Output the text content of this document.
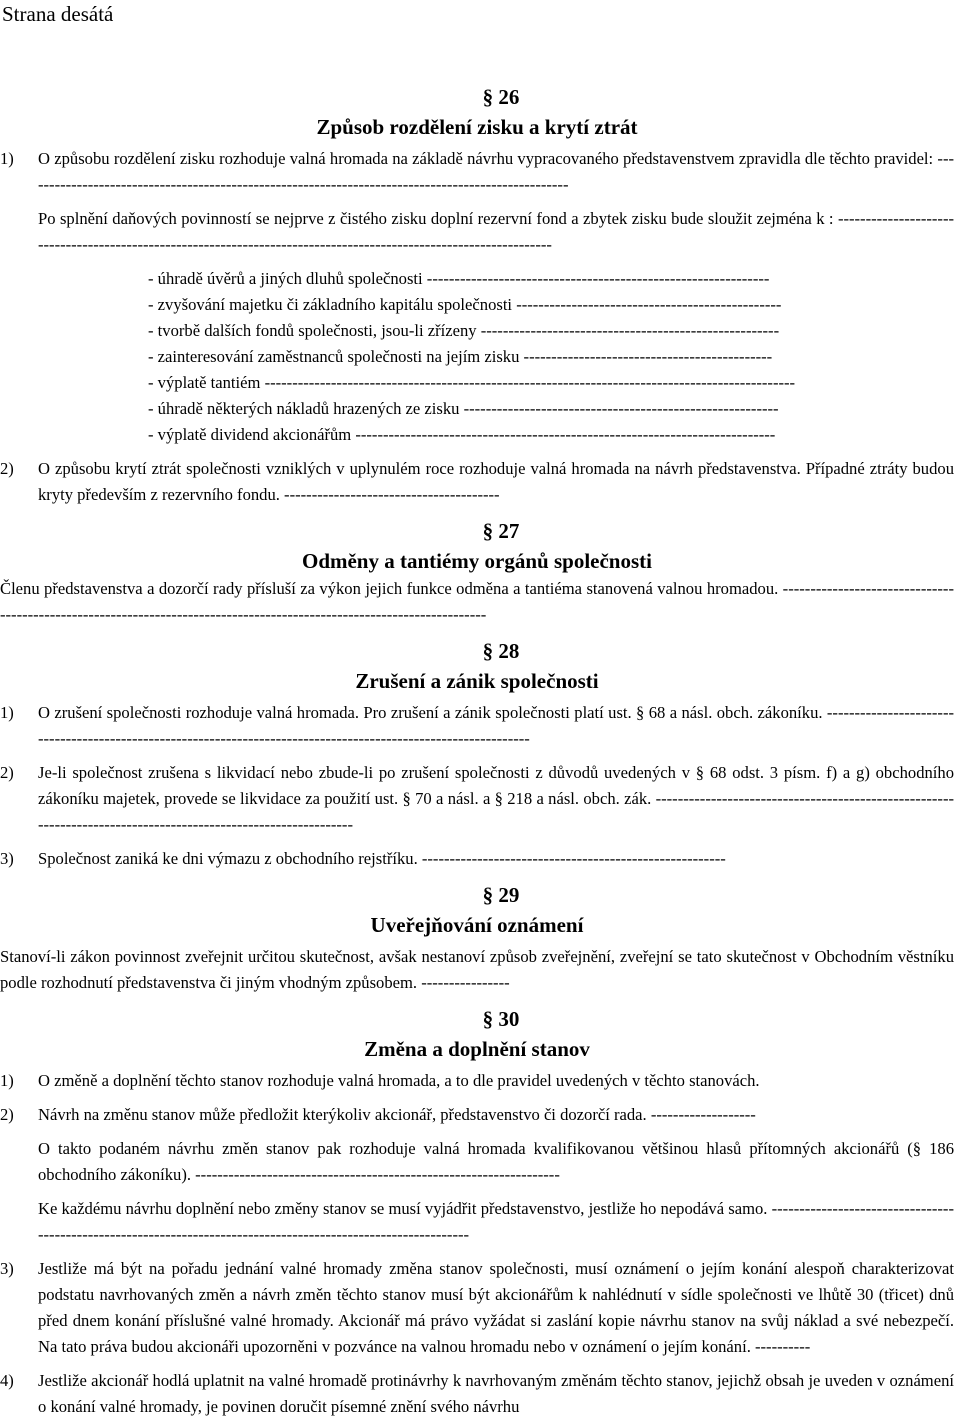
Strana desátá
§ 26
Způsob rozdělení zisku a krytí ztrát
1)	O způsobu rozdělení zisku rozhoduje valná hromada na základě návrhu vypracovaného představenstvem zpravidla dle těchto pravidel: ---------------------------------------------------------------------------------------------------
Po splnění daňových povinností se nejprve z čistého zisku doplní rezervní fond a zbytek zisku bude sloužit zejména k : ------------------------------------------------------------------------------------------------------------------
- úhradě úvěrů a jiných dluhů společnosti --------------------------------------------------------------
- zvyšování majetku či základního kapitálu společnosti ------------------------------------------------
- tvorbě dalších fondů společnosti, jsou-li zřízeny ------------------------------------------------------
- zainteresování zaměstnanců společnosti na jejím zisku ---------------------------------------------
- výplatě tantiém ------------------------------------------------------------------------------------------------
- úhradě některých nákladů hrazených ze zisku ---------------------------------------------------------
- výplatě dividend akcionářům ----------------------------------------------------------------------------
2)	O způsobu krytí ztrát společnosti vzniklých v uplynulém roce rozhoduje valná hromada na návrh představenstva. Případné ztráty budou kryty především z rezervního fondu. ---------------------------------------
§ 27
Odměny a tantiémy orgánů společnosti
Členu představenstva a dozorčí rady přísluší za výkon jejich funkce odměna a tantiéma stanovená valnou hromadou. -----------------------------------------------------------------------------------------------------------------------
§ 28
Zrušení a zánik společnosti
1)	O zrušení společnosti rozhoduje valná hromada. Pro zrušení a zánik společnosti platí ust. § 68 a násl. obch. zákoníku. ----------------------------------------------------------------------------------------------------------------
2)	Je-li společnost zrušena s likvidací nebo zbude-li po zrušení společnosti z důvodů uvedených v § 68 odst. 3 písm. f) a g) obchodního zákoníku majetek, provede se likvidace za použití ust. § 70 a násl. a § 218 a násl. obch. zák. ---------------------------------------------------------------------------------------------------------------
3)	Společnost zaniká ke dni výmazu z obchodního rejstříku. -------------------------------------------------------
§ 29
Uveřejňování oznámení
Stanoví-li zákon povinnost zveřejnit určitou skutečnost, avšak nestanoví způsob zveřejnění, zveřejní se tato skutečnost v Obchodním věstníku podle rozhodnutí představenstva či jiným vhodným způsobem. ----------------
§ 30
Změna a doplnění stanov
1)	O změně a doplnění těchto stanov rozhoduje valná hromada, a to dle pravidel uvedených v těchto stanovách.
2)	Návrh na změnu stanov může předložit kterýkoliv akcionář, představenstvo či dozorčí rada. -------------------
O takto podaném návrhu změn stanov pak rozhoduje valná hromada kvalifikovanou většinou hlasů přítomných akcionářů (§ 186 obchodního zákoníku). ------------------------------------------------------------------
Ke každému návrhu doplnění nebo změny stanov se musí vyjádřit představenstvo, jestliže ho nepodává samo. ---------------------------------------------------------------------------------------------------------------
3)	Jestliže má být na pořadu jednání valné hromady změna stanov společnosti, musí oznámení o jejím konání alespoň charakterizovat podstatu navrhovaných změn a návrh změn těchto stanov musí být akcionářům k nahlédnutí v sídle společnosti ve lhůtě 30 (třicet) dnů před dnem konání příslušné valné hromady. Akcionář má právo vyžádat si zaslání kopie návrhu stanov na svůj náklad a své nebezpečí. Na tato práva budou akcionáři upozorněni v pozvánce na valnou hromadu nebo v oznámení o jejím konání. ----------
4)	Jestliže akcionář hodlá uplatnit na valné hromadě protinávrhy k navrhovaným změnám těchto stanov, jejichž obsah je uveden v oznámení o konání valné hromady, je povinen doručit písemné znění svého návrhu
